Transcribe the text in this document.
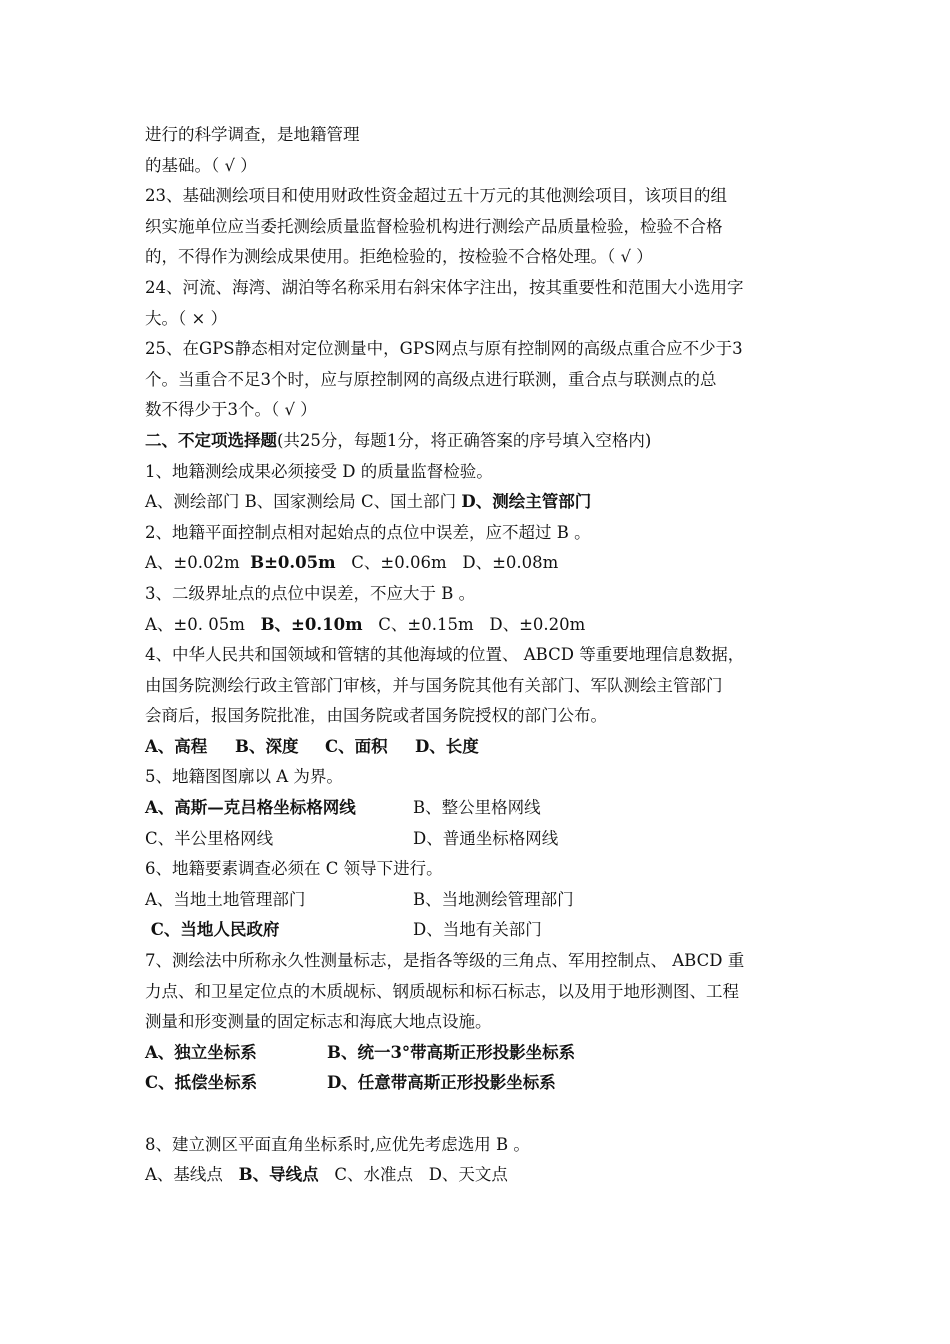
进行的科学调查，是地籍管理
的基础。（ √ ）
23、基础测绘项目和使用财政性资金超过五十万元的其他测绘项目，该项目的组
织实施单位应当委托测绘质量监督检验机构进行测绘产品质量检验，检验不合格
的，不得作为测绘成果使用。拒绝检验的，按检验不合格处理。（ √ ）
24、河流、海湾、湖泊等名称采用右斜宋体字注出，按其重要性和范围大小选用字
大。（ × ）
25、在GPS静态相对定位测量中，GPS网点与原有控制网的高级点重合应不少于3
个。当重合不足3个时，应与原控制网的高级点进行联测，重合点与联测点的总
数不得少于3个。（ √ ）
二、不定项选择题(共25分，每题1分，将正确答案的序号填入空格内)
1、地籍测绘成果必须接受 D 的质量监督检验。
A、测绘部门 B、国家测绘局 C、国土部门 D、测绘主管部门
2、地籍平面控制点相对起始点的点位中误差，应不超过 B 。
A、±0.02m  B±0.05m   C、±0.06m   D、±0.08m
3、二级界址点的点位中误差，不应大于 B 。
A、±0. 05m   B、±0.10m   C、±0.15m   D、±0.20m
4、中华人民共和国领域和管辖的其他海域的位置、 ABCD 等重要地理信息数据，
由国务院测绘行政主管部门审核，并与国务院其他有关部门、军队测绘主管部门
会商后，报国务院批准，由国务院或者国务院授权的部门公布。
A、高程 B、深度 C、面积 D、长度
5、地籍图图廓以 A 为界。
A、高斯—克吕格坐标格网线	B、整公里格网线
C、半公里格网线	D、普通坐标格网线
6、地籍要素调查必须在 C 领导下进行。
A、当地土地管理部门	B、当地测绘管理部门
C、当地人民政府	D、当地有关部门
7、测绘法中所称永久性测量标志，是指各等级的三角点、军用控制点、 ABCD 重
力点、和卫星定位点的木质觇标、钢质觇标和标石标志，以及用于地形测图、工程
测量和形变测量的固定标志和海底大地点设施。
A、独立坐标系	B、统一3°带高斯正形投影坐标系
C、抵偿坐标系	D、任意带高斯正形投影坐标系
8、建立测区平面直角坐标系时,应优先考虑选用 B 。
A、基线点   B、导线点   C、水准点   D、天文点
